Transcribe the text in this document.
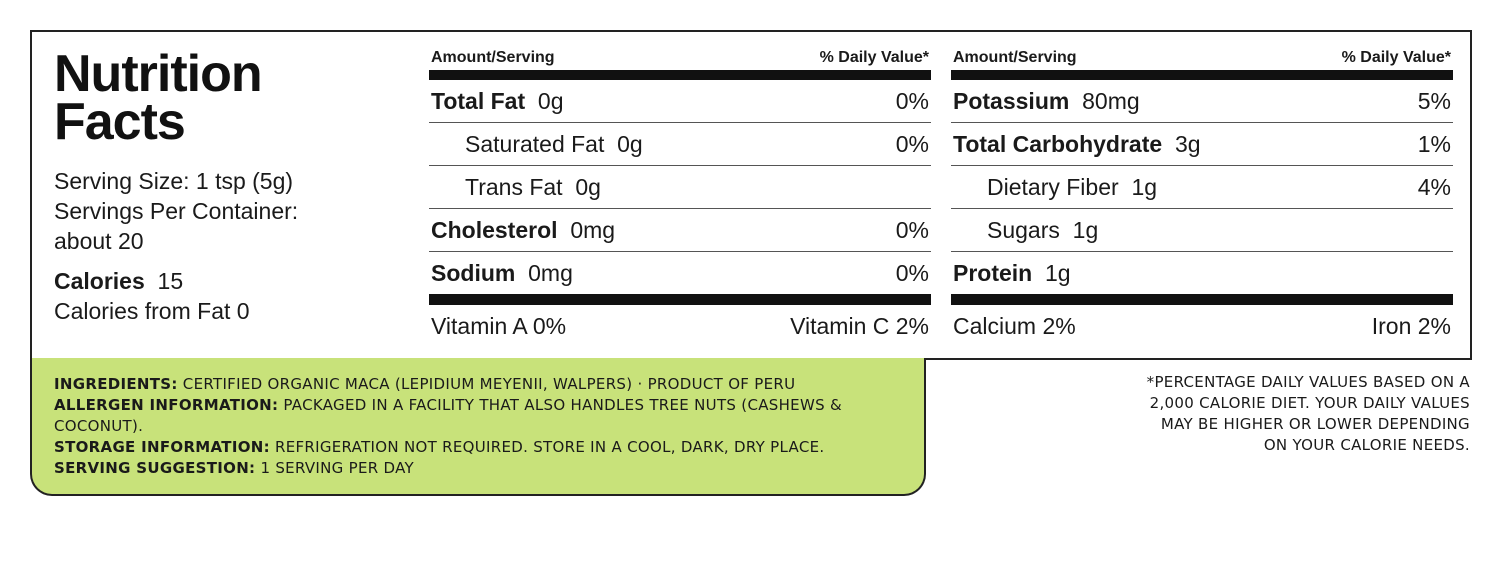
Nutrition
Facts
Serving Size: 1 tsp (5g)
Servings Per Container:
about 20
Calories 15
Calories from Fat 0
Amount/Serving	% Daily Value*
Total Fat 0g	0%
Saturated Fat 0g	0%
Trans Fat 0g
Cholesterol 0mg	0%
Sodium 0mg	0%
Vitamin A 0%	Vitamin C 2%
Amount/Serving	% Daily Value*
Potassium 80mg	5%
Total Carbohydrate 3g	1%
Dietary Fiber 1g	4%
Sugars 1g
Protein 1g
Calcium 2%	Iron 2%
INGREDIENTS: CERTIFIED ORGANIC MACA (LEPIDIUM MEYENII, WALPERS) · PRODUCT OF PERU
ALLERGEN INFORMATION: PACKAGED IN A FACILITY THAT ALSO HANDLES TREE NUTS (CASHEWS & COCONUT).
STORAGE INFORMATION: REFRIGERATION NOT REQUIRED. STORE IN A COOL, DARK, DRY PLACE.
SERVING SUGGESTION: 1 SERVING PER DAY
*PERCENTAGE DAILY VALUES BASED ON A
2,000 CALORIE DIET. YOUR DAILY VALUES
MAY BE HIGHER OR LOWER DEPENDING
ON YOUR CALORIE NEEDS.
